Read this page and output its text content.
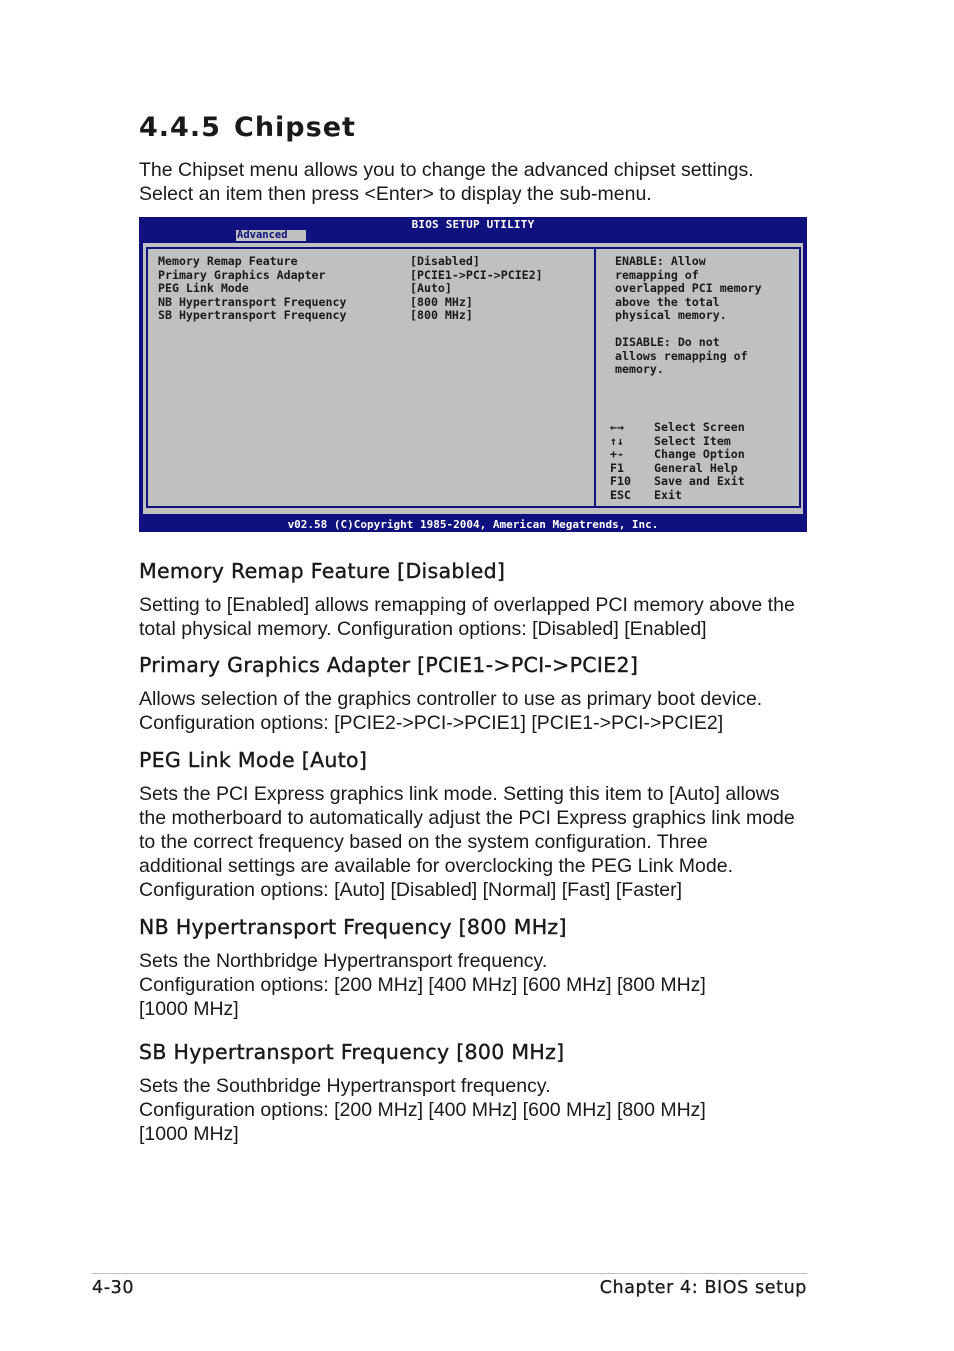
4.4.5 Chipset

The Chipset menu allows you to change the advanced chipset settings.

Select an item then press <Enter> to display the sub-menu.

BIOS SETUP UTILITY
Advanced
Memory Remap Feature	[Disabled]
Primary Graphics Adapter	[PCIE1->PCI->PCIE2]
PEG Link Mode	[Auto]
NB Hypertransport Frequency	[800 MHz]
SB Hypertransport Frequency	[800 MHz]
ENABLE: Allow
remapping of
overlapped PCI memory
above the total
physical memory.
DISABLE: Do not
allows remapping of
memory.
←→	Select Screen
↑↓	Select Item
+-	Change Option
F1	General Help
F10 Save and Exit
ESC Exit
v02.58 (C)Copyright 1985-2004, American Megatrends, Inc.
Memory Remap Feature [Disabled]

Setting to [Enabled] allows remapping of overlapped PCI memory above the

total physical memory. Configuration options: [Disabled] [Enabled]

Primary Graphics Adapter [PCIE1->PCI->PCIE2]

Allows selection of the graphics controller to use as primary boot device.

Configuration options: [PCIE2->PCI->PCIE1] [PCIE1->PCI->PCIE2]

PEG Link Mode [Auto]

Sets the PCI Express graphics link mode. Setting this item to [Auto] allows

the motherboard to automatically adjust the PCI Express graphics link mode

to the correct frequency based on the system configuration. Three

additional settings are available for overclocking the PEG Link Mode.

Configuration options: [Auto] [Disabled] [Normal] [Fast] [Faster]

NB Hypertransport Frequency [800 MHz]

Sets the Northbridge Hypertransport frequency.

Configuration options: [200 MHz] [400 MHz] [600 MHz] [800 MHz]

[1000 MHz]

SB Hypertransport Frequency [800 MHz]

Sets the Southbridge Hypertransport frequency.

Configuration options: [200 MHz] [400 MHz] [600 MHz] [800 MHz]

[1000 MHz]

4-30	Chapter 4: BIOS setup
